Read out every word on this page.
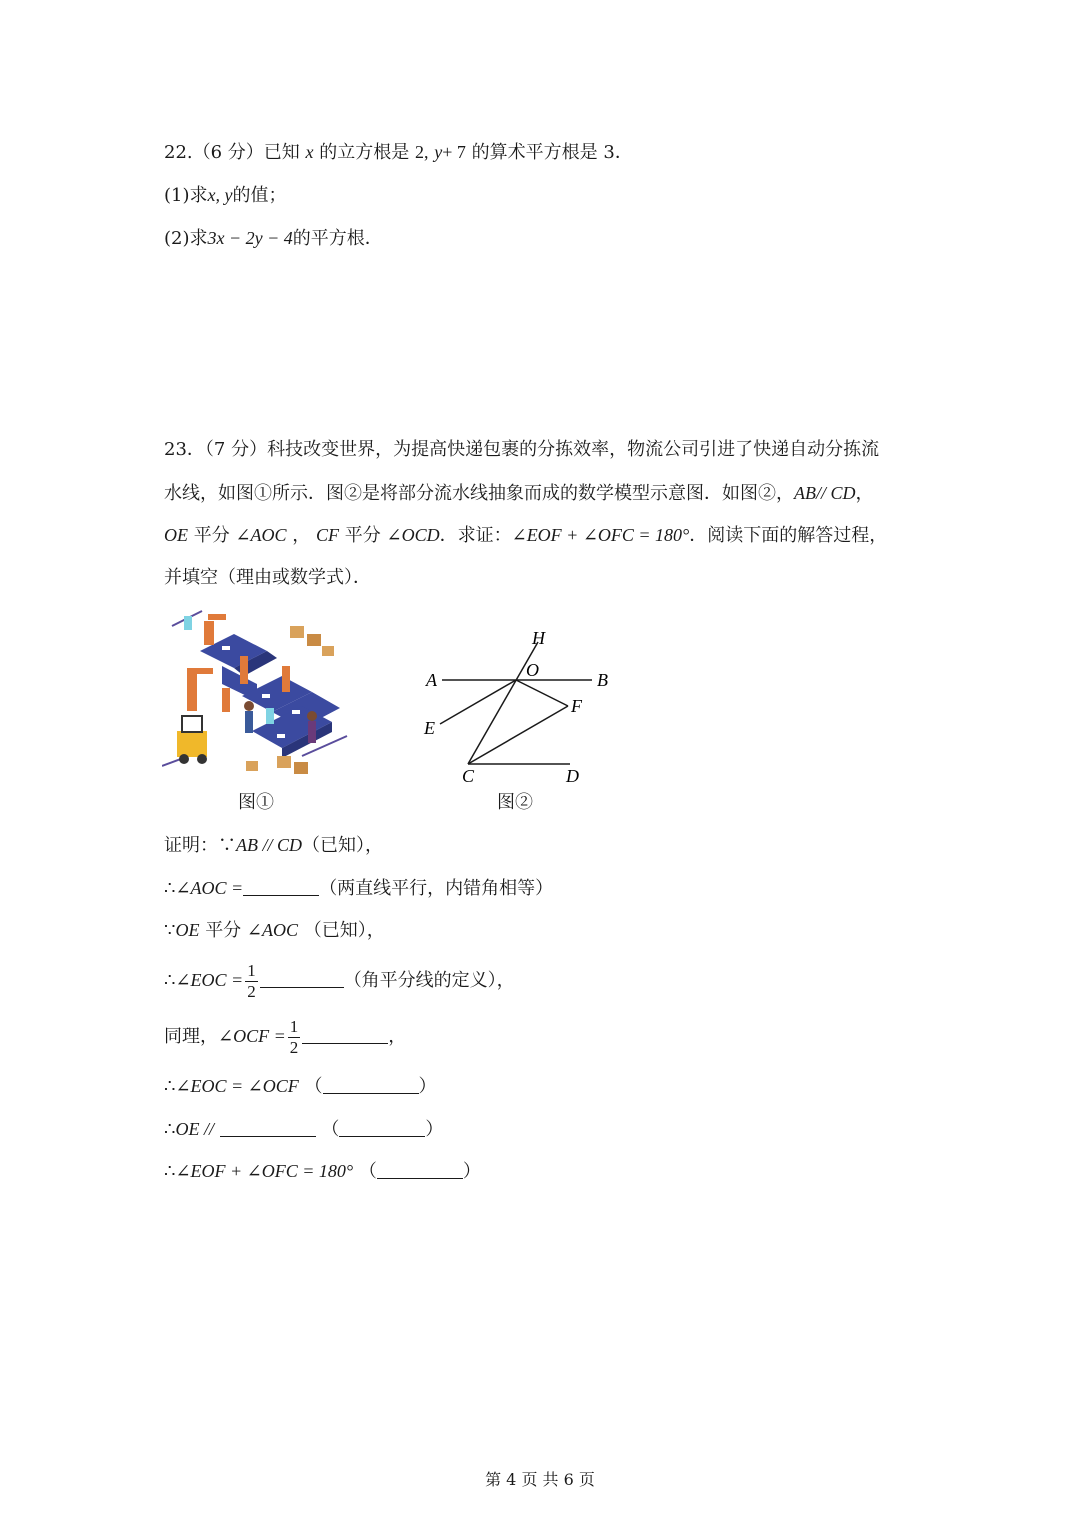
22.（6 分）已知 x 的立方根是 2, y+ 7 的算术平方根是 3．
(1)求x, y的值；
(2)求3x − 2y − 4的平方根．
23．（7 分）科技改变世界，为提高快递包裹的分拣效率，物流公司引进了快递自动分拣流
水线，如图①所示．图②是将部分流水线抽象而成的数学模型示意图．如图②，AB// CD，
OE 平分 ∠AOC ， CF 平分 ∠OCD．求证：∠EOF + ∠OFC = 180°．阅读下面的解答过程，
并填空（理由或数学式）．
图①
H
O
A	B
F
E
C	D
图②
证明：∵AB // CD（已知），
∴∠AOC =	（两直线平行，内错角相等）
∵OE 平分 ∠AOC （已知），
∴∠EOC = $\frac{1}{2}$	（角平分线的定义），
同理，∠OCF = $\frac{1}{2}$	，
∴∠EOC = ∠OCF （	）
∴OE //	（	）
∴∠EOF + ∠OFC = 180° （	）
第 4 页 共 6 页
